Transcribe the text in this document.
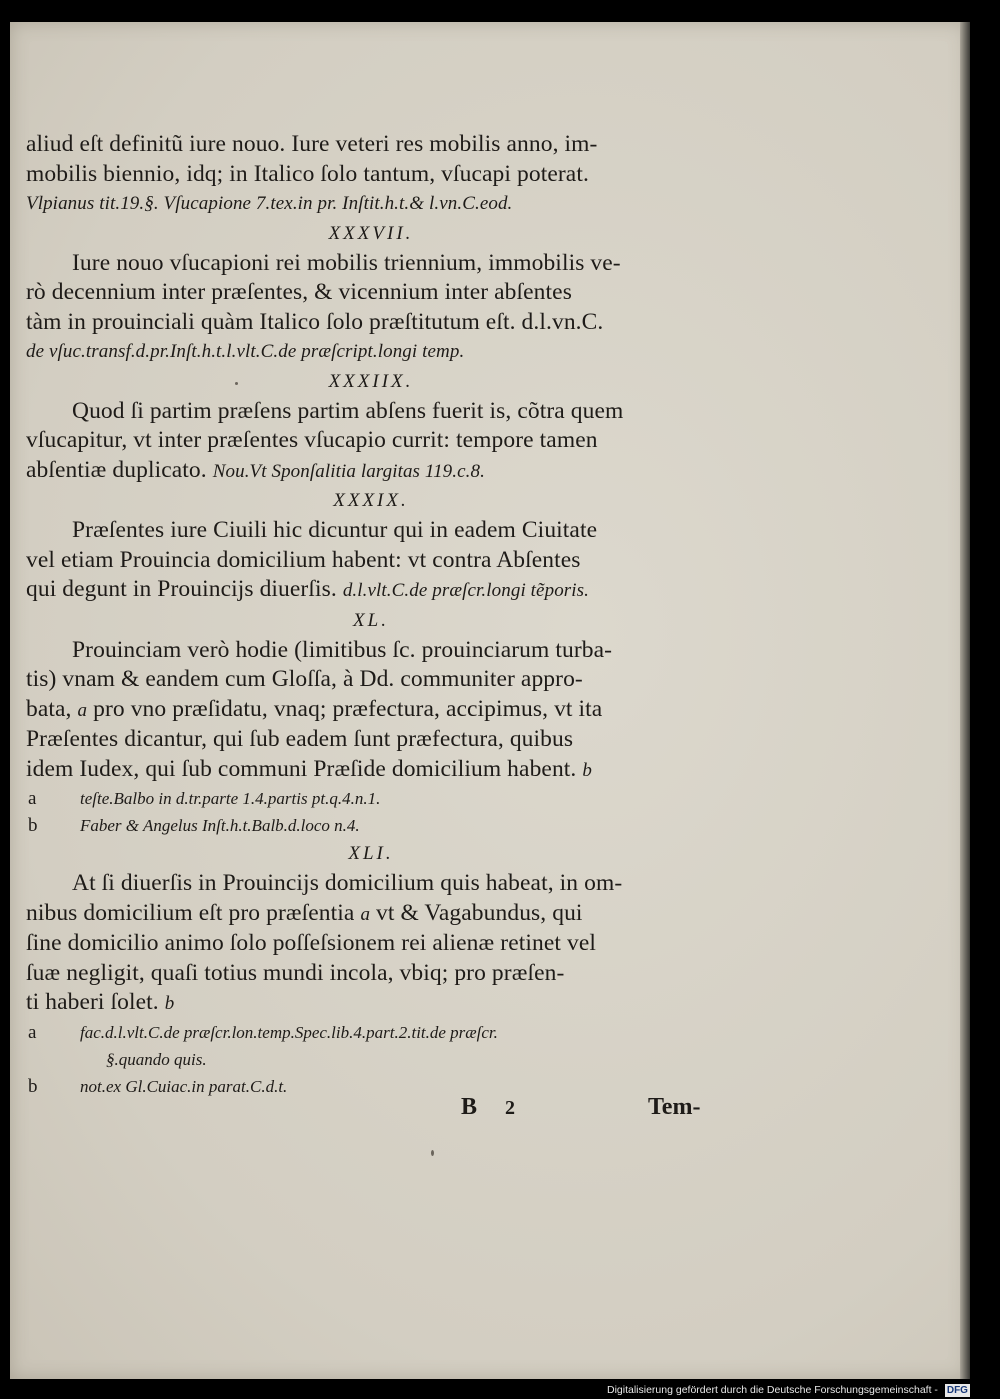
aliud eſt definitũ iure nouo. Iure veteri res mobilis anno, im-
mobilis biennio, idq; in Italico ſolo tantum, vſucapi poterat.
Vlpianus tit.19.§. Vſucapione 7.tex.in pr. Inſtit.h.t.& l.vn.C.eod.
XXXVII.
Iure nouo vſucapioni rei mobilis triennium, immobilis ve-
rò decennium inter præſentes, & vicennium inter abſentes
tàm in prouinciali quàm Italico ſolo præſtitutum eſt. d.l.vn.C.
de vſuc.transf.d.pr.Inſt.h.t.l.vlt.C.de præſcript.longi temp.
XXXIIX.
Quod ſi partim præſens partim abſens fuerit is, cõtra quem
vſucapitur, vt inter præſentes vſucapio currit: tempore tamen
abſentiæ duplicato. Nou.Vt Sponſalitia largitas 119.c.8.
XXXIX.
Præſentes iure Ciuili hic dicuntur qui in eadem Ciuitate
vel etiam Prouincia domicilium habent: vt contra Abſentes
qui degunt in Prouincijs diuerſis. d.l.vlt.C.de præſcr.longi tẽporis.
XL.
Prouinciam verò hodie (limitibus ſc. prouinciarum turba-
tis) vnam & eandem cum Gloſſa, à Dd. communiter appro-
bata, a pro vno præſidatu, vnaq; præfectura, accipimus, vt ita
Præſentes dicantur, qui ſub eadem ſunt præfectura, quibus
idem Iudex, qui ſub communi Præſide domicilium habent. b
a	teſte.Balbo in d.tr.parte 1.4.partis pt.q.4.n.1.
b	Faber & Angelus Inſt.h.t.Balb.d.loco n.4.
XLI.
At ſi diuerſis in Prouincijs domicilium quis habeat, in om-
nibus domicilium eſt pro præſentia a vt & Vagabundus, qui
ſine domicilio animo ſolo poſſeſsionem rei alienæ retinet vel
ſuæ negligit, quaſi totius mundi incola, vbiq; pro præſen-
ti haberi ſolet. b
a	fac.d.l.vlt.C.de præſcr.lon.temp.Spec.lib.4.part.2.tit.de præſcr.
§.quando quis.
b	not.ex Gl.Cuiac.in parat.C.d.t.
B 2	Tem-
Digitalisierung gefördert durch die Deutsche Forschungsgemeinschaft - DFG
